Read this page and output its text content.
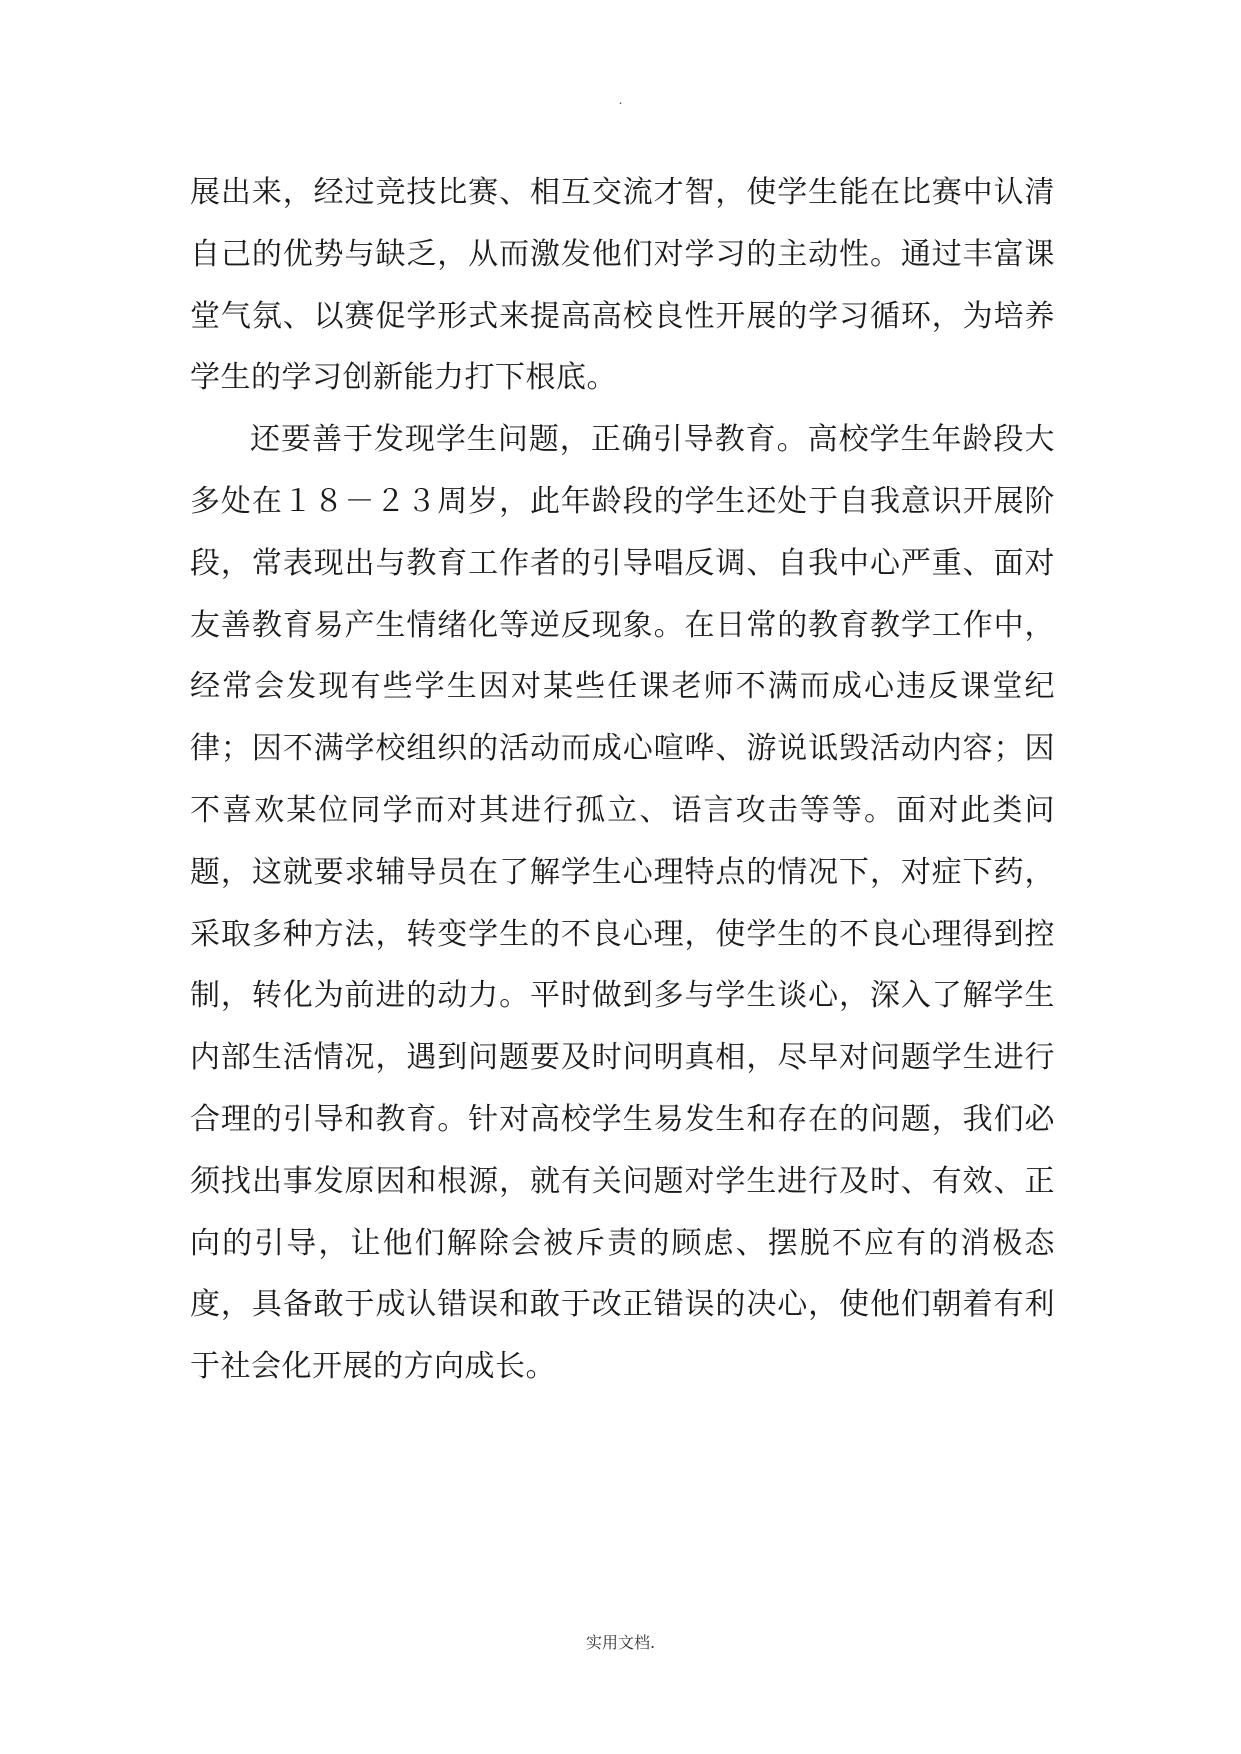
.

展出来，经过竞技比赛、相互交流才智，使学生能在比赛中认清自己的优势与缺乏，从而激发他们对学习的主动性。通过丰富课堂气氛、以赛促学形式来提高高校良性开展的学习循环，为培养学生的学习创新能力打下根底。

还要善于发现学生问题，正确引导教育。高校学生年龄段大多处在１８－２３周岁，此年龄段的学生还处于自我意识开展阶段，常表现出与教育工作者的引导唱反调、自我中心严重、面对友善教育易产生情绪化等逆反现象。在日常的教育教学工作中，经常会发现有些学生因对某些任课老师不满而成心违反课堂纪律；因不满学校组织的活动而成心喧哗、游说诋毁活动内容；因不喜欢某位同学而对其进行孤立、语言攻击等等。面对此类问题，这就要求辅导员在了解学生心理特点的情况下，对症下药，采取多种方法，转变学生的不良心理，使学生的不良心理得到控制，转化为前进的动力。平时做到多与学生谈心，深入了解学生内部生活情况，遇到问题要及时问明真相，尽早对问题学生进行合理的引导和教育。针对高校学生易发生和存在的问题，我们必须找出事发原因和根源，就有关问题对学生进行及时、有效、正向的引导，让他们解除会被斥责的顾虑、摆脱不应有的消极态度，具备敢于成认错误和敢于改正错误的决心，使他们朝着有利于社会化开展的方向成长。

实用文档.
